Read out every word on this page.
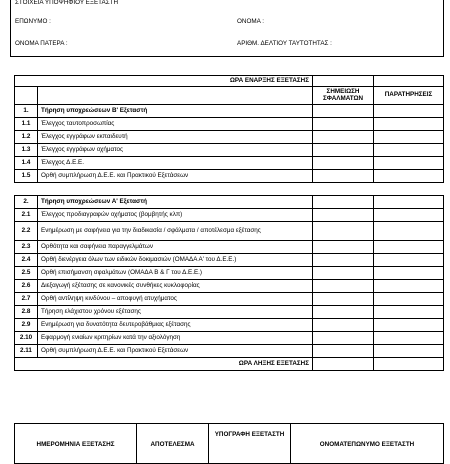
ΣΤΟΙΧΕΙΑ ΥΠΟΨΗΦΙΟΥ ΕΞΕΤΑΣΤΗ
ΕΠΩΝΥΜΟ :	ΟΝΟΜΑ :
ΟΝΟΜΑ ΠΑΤΕΡΑ :	ΑΡΙΘΜ. ΔΕΛΤΙΟΥ ΤΑΥΤΟΤΗΤΑΣ :
ΩΡΑ ΕΝΑΡΞΗΣ ΕΞΕΤΑΣΗΣ			
		ΣΗΜΕΙΩΣΗ ΣΦΑΛΜΑΤΩΝ	ΠΑΡΑΤΗΡΗΣΕΙΣ
1.	Τήρηση υποχρεώσεων Β' Εξεταστή		
1.1	Έλεγχος ταυτοπροσωπίας		
1.2	Έλεγχος εγγράφων εκπαιδευτή		
1.3	Έλεγχος εγγράφων οχήματος		
1.4	Έλεγχος Δ.Ε.Ε.		
1.5	Ορθή συμπλήρωση Δ.Ε.Ε. και Πρακτικού Εξετάσεων		

2.	Τήρηση υποχρεώσεων Α' Εξεταστή		
2.1	Έλεγχος προδιαγραφών οχήματος (βομβητής κλπ)		
2.2	Ενημέρωση με σαφήνεια για την διαδικασία / σφάλματα / αποτέλεσμα εξέτασης		
2.3	Ορθότητα και σαφήνεια παραγγελμάτων		
2.4	Ορθή διενέργεια όλων των ειδικών δοκιμασιών (ΟΜΑΔΑ Α' του Δ.Ε.Ε.)		
2.5	Ορθή επισήμανση σφαλμάτων (ΟΜΑΔΑ Β & Γ του Δ.Ε.Ε.)		
2.6	Διεξαγωγή εξέτασης σε κανονικές συνθήκες κυκλοφορίας		
2.7	Ορθή αντίληψη κινδύνου – αποφυγή ατυχήματος		
2.8	Τήρηση ελάχιστου χρόνου εξέτασης		
2.9	Ενημέρωση για δυνατότητα δευτεροβάθμιας εξέτασης		
2.10	Εφαρμογή ενιαίων κριτηρίων κατά την αξιολόγηση		
2.11	Ορθή συμπλήρωση Δ.Ε.Ε. και Πρακτικού Εξετάσεων		
ΩΡΑ ΛΗΞΗΣ ΕΞΕΤΑΣΗΣ			
ΗΜΕΡΟΜΗΝΙΑ ΕΞΕΤΑΣΗΣ	ΑΠΟΤΕΛΕΣΜΑ	ΥΠΟΓΡΑΦΗ ΕΞΕΤΑΣΤΗ	ΟΝΟΜΑΤΕΠΩΝΥΜΟ ΕΞΕΤΑΣΤΗ
